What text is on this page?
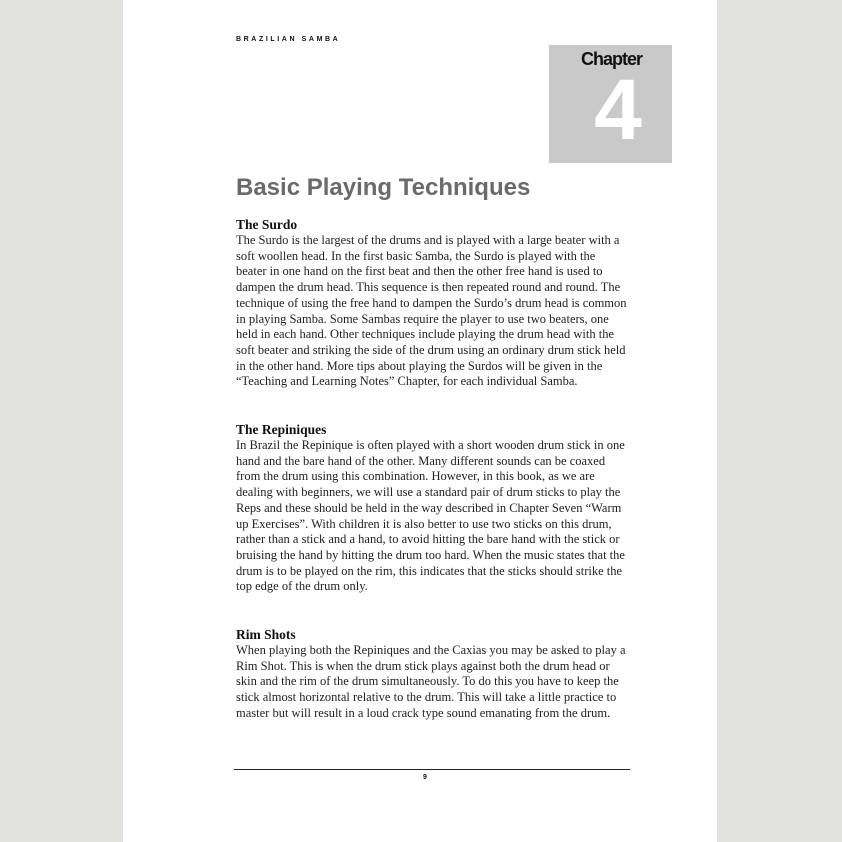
BRAZILIAN SAMBA
Chapter
4
Basic Playing Techniques
The Surdo

The Surdo is the largest of the drums and is played with a large beater with a soft woollen head. In the first basic Samba, the Surdo is played with the beater in one hand on the first beat and then the other free hand is used to dampen the drum head. This sequence is then repeated round and round. The technique of using the free hand to dampen the Surdo’s drum head is common in playing Samba. Some Sambas require the player to use two beaters, one held in each hand. Other techniques include playing the drum head with the soft beater and striking the side of the drum using an ordinary drum stick held in the other hand. More tips about playing the Surdos will be given in the “Teaching and Learning Notes” Chapter, for each individual Samba.

The Repiniques

In Brazil the Repinique is often played with a short wooden drum stick in one hand and the bare hand of the other. Many different sounds can be coaxed from the drum using this combination. However, in this book, as we are dealing with beginners, we will use a standard pair of drum sticks to play the Reps and these should be held in the way described in Chapter Seven “Warm up Exercises”. With children it is also better to use two sticks on this drum, rather than a stick and a hand, to avoid hitting the bare hand with the stick or bruising the hand by hitting the drum too hard. When the music states that the drum is to be played on the rim, this indicates that the sticks should strike the top edge of the drum only.

Rim Shots

When playing both the Repiniques and the Caxias you may be asked to play a Rim Shot. This is when the drum stick plays against both the drum head or skin and the rim of the drum simultaneously. To do this you have to keep the stick almost horizontal relative to the drum. This will take a little practice to master but will result in a loud crack type sound emanating from the drum.

9
